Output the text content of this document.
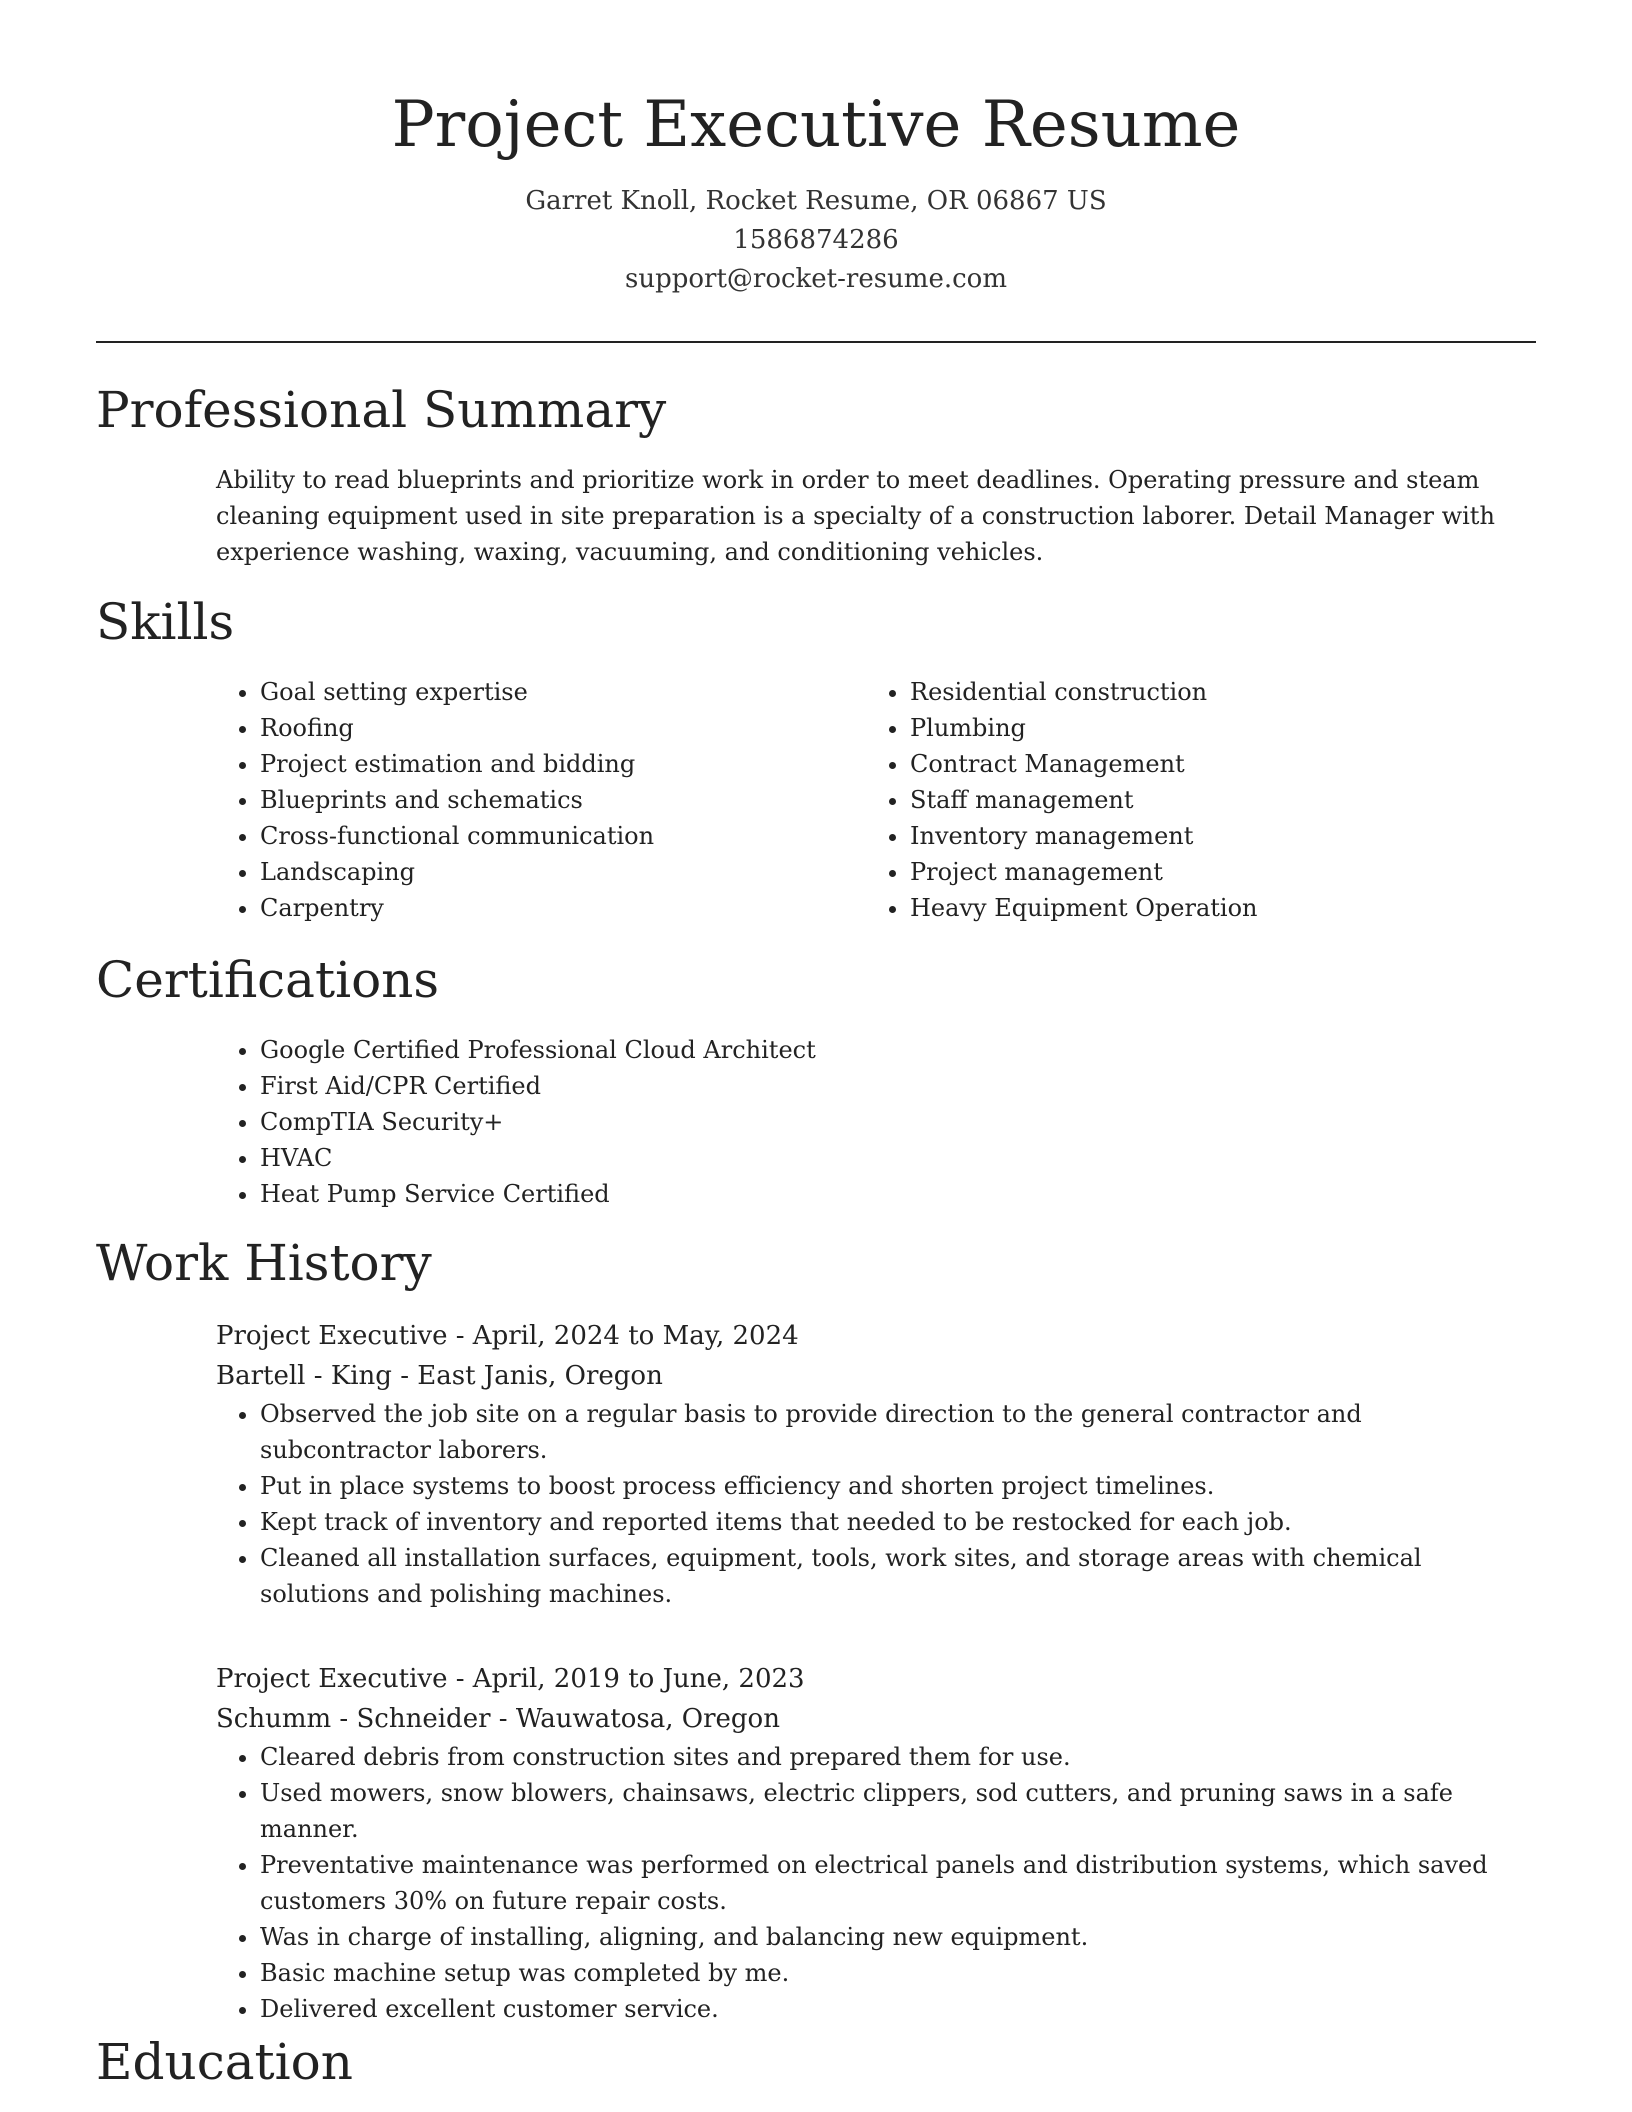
Project Executive Resume
Garret Knoll, Rocket Resume, OR 06867 US
1586874286
support@rocket-resume.com
Professional Summary

Ability to read blueprints and prioritize work in order to meet deadlines. Operating pressure and steam cleaning equipment used in site preparation is a specialty of a construction laborer. Detail Manager with experience washing, waxing, vacuuming, and conditioning vehicles.

Skills
• Goal setting expertise
• Roofing
• Project estimation and bidding
• Blueprints and schematics
• Cross-functional communication
• Landscaping
• Carpentry
• Residential construction
• Plumbing
• Contract Management
• Staff management
• Inventory management
• Project management
• Heavy Equipment Operation
Certifications
• Google Certified Professional Cloud Architect
• First Aid/CPR Certified
• CompTIA Security+
• HVAC
• Heat Pump Service Certified
Work History
Project Executive - April, 2024 to May, 2024
Bartell - King - East Janis, Oregon
• Observed the job site on a regular basis to provide direction to the general contractor and subcontractor laborers.
• Put in place systems to boost process efficiency and shorten project timelines.
• Kept track of inventory and reported items that needed to be restocked for each job.
• Cleaned all installation surfaces, equipment, tools, work sites, and storage areas with chemical solutions and polishing machines.
Project Executive - April, 2019 to June, 2023
Schumm - Schneider - Wauwatosa, Oregon
• Cleared debris from construction sites and prepared them for use.
• Used mowers, snow blowers, chainsaws, electric clippers, sod cutters, and pruning saws in a safe manner.
• Preventative maintenance was performed on electrical panels and distribution systems, which saved customers 30% on future repair costs.
• Was in charge of installing, aligning, and balancing new equipment.
• Basic machine setup was completed by me.
• Delivered excellent customer service.
Education
